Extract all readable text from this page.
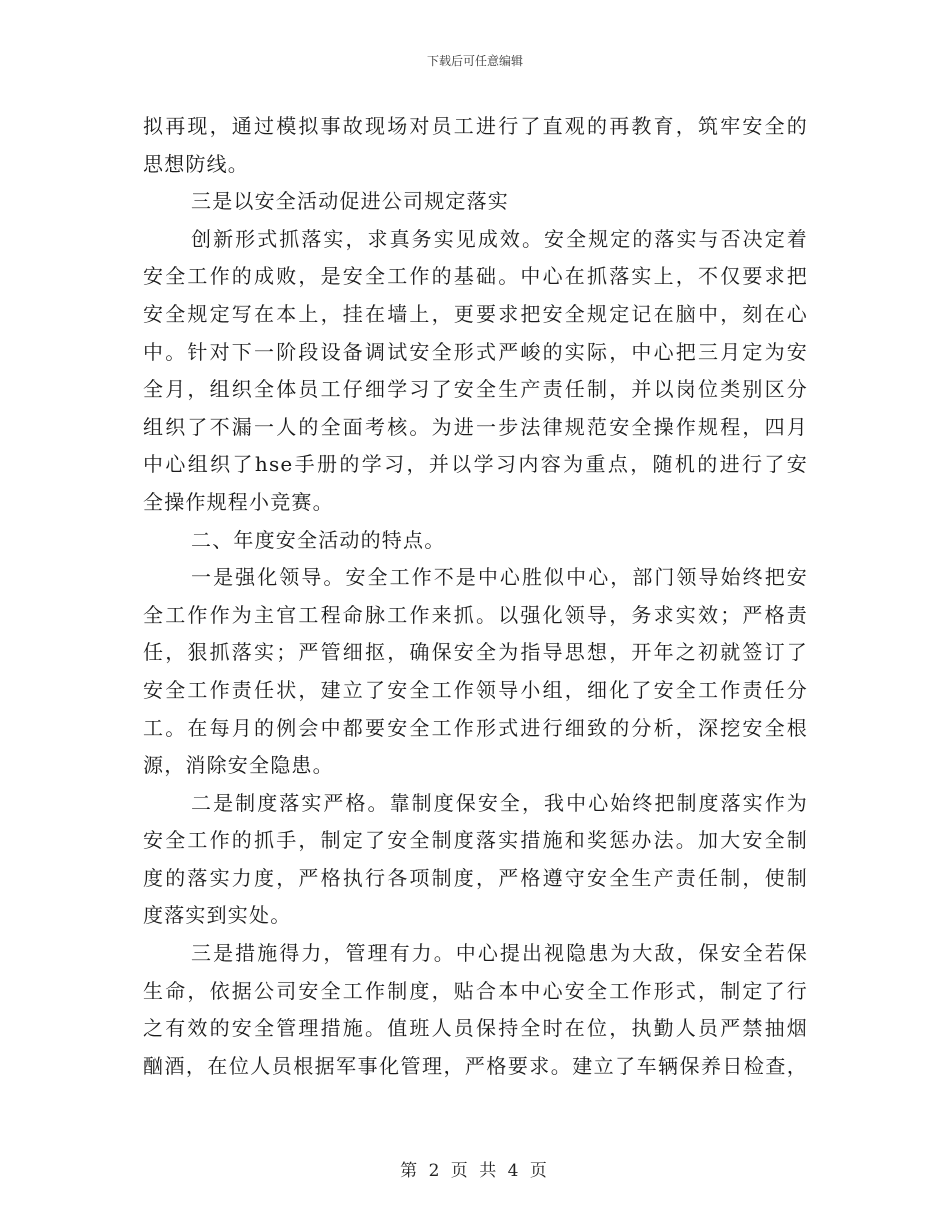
下载后可任意编辑
拟再现，通过模拟事故现场对员工进行了直观的再教育，筑牢安全的
思想防线。
三是以安全活动促进公司规定落实
创新形式抓落实，求真务实见成效。安全规定的落实与否决定着
安全工作的成败，是安全工作的基础。中心在抓落实上，不仅要求把
安全规定写在本上，挂在墙上，更要求把安全规定记在脑中，刻在心
中。针对下一阶段设备调试安全形式严峻的实际，中心把三月定为安
全月，组织全体员工仔细学习了安全生产责任制，并以岗位类别区分
组织了不漏一人的全面考核。为进一步法律规范安全操作规程，四月
中心组织了hse手册的学习，并以学习内容为重点，随机的进行了安
全操作规程小竞赛。
二、年度安全活动的特点。
一是强化领导。安全工作不是中心胜似中心，部门领导始终把安
全工作作为主官工程命脉工作来抓。以强化领导，务求实效；严格责
任，狠抓落实；严管细抠，确保安全为指导思想，开年之初就签订了
安全工作责任状，建立了安全工作领导小组，细化了安全工作责任分
工。在每月的例会中都要安全工作形式进行细致的分析，深挖安全根
源，消除安全隐患。
二是制度落实严格。靠制度保安全，我中心始终把制度落实作为
安全工作的抓手，制定了安全制度落实措施和奖惩办法。加大安全制
度的落实力度，严格执行各项制度，严格遵守安全生产责任制，使制
度落实到实处。
三是措施得力，管理有力。中心提出视隐患为大敌，保安全若保
生命，依据公司安全工作制度，贴合本中心安全工作形式，制定了行
之有效的安全管理措施。值班人员保持全时在位，执勤人员严禁抽烟
酗酒，在位人员根据军事化管理，严格要求。建立了车辆保养日检查，
第 2 页 共 4 页
